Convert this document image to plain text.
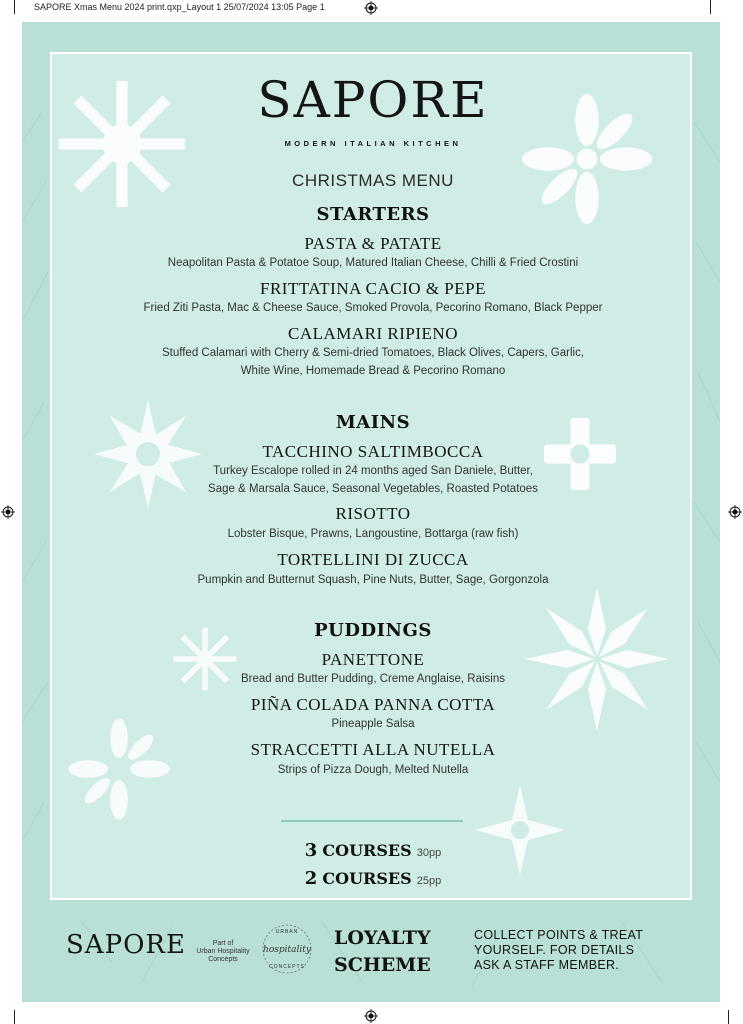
SAPORE Xmas Menu 2024 print.qxp_Layout 1 25/07/2024 13:05 Page 1
SAPORE
MODERN ITALIAN KITCHEN
CHRISTMAS MENU
STARTERS
PASTA & PATATE
Neapolitan Pasta & Potatoe Soup, Matured Italian Cheese, Chilli & Fried Crostini
FRITTATINA CACIO & PEPE
Fried Ziti Pasta, Mac & Cheese Sauce, Smoked Provola, Pecorino Romano, Black Pepper
CALAMARI RIPIENO
Stuffed Calamari with Cherry & Semi-dried Tomatoes, Black Olives, Capers, Garlic,
White Wine, Homemade Bread & Pecorino Romano
MAINS
TACCHINO SALTIMBOCCA
Turkey Escalope rolled in 24 months aged San Daniele, Butter,
Sage & Marsala Sauce, Seasonal Vegetables, Roasted Potatoes
RISOTTO
Lobster Bisque, Prawns, Langoustine, Bottarga (raw fish)
TORTELLINI DI ZUCCA
Pumpkin and Butternut Squash, Pine Nuts, Butter, Sage, Gorgonzola
PUDDINGS
PANETTONE
Bread and Butter Pudding, Creme Anglaise, Raisins
PIÑA COLADA PANNA COTTA
Pineapple Salsa
STRACCETTI ALLA NUTELLA
Strips of Pizza Dough, Melted Nutella
3 COURSES 30pp
2 COURSES 25pp
SAPORE	Part of
Urban Hospitality
Concepts
URBAN
hospitality
CONCEPTS
LOYALTY
SCHEME
COLLECT POINTS & TREAT
YOURSELF. FOR DETAILS
ASK A STAFF MEMBER.
